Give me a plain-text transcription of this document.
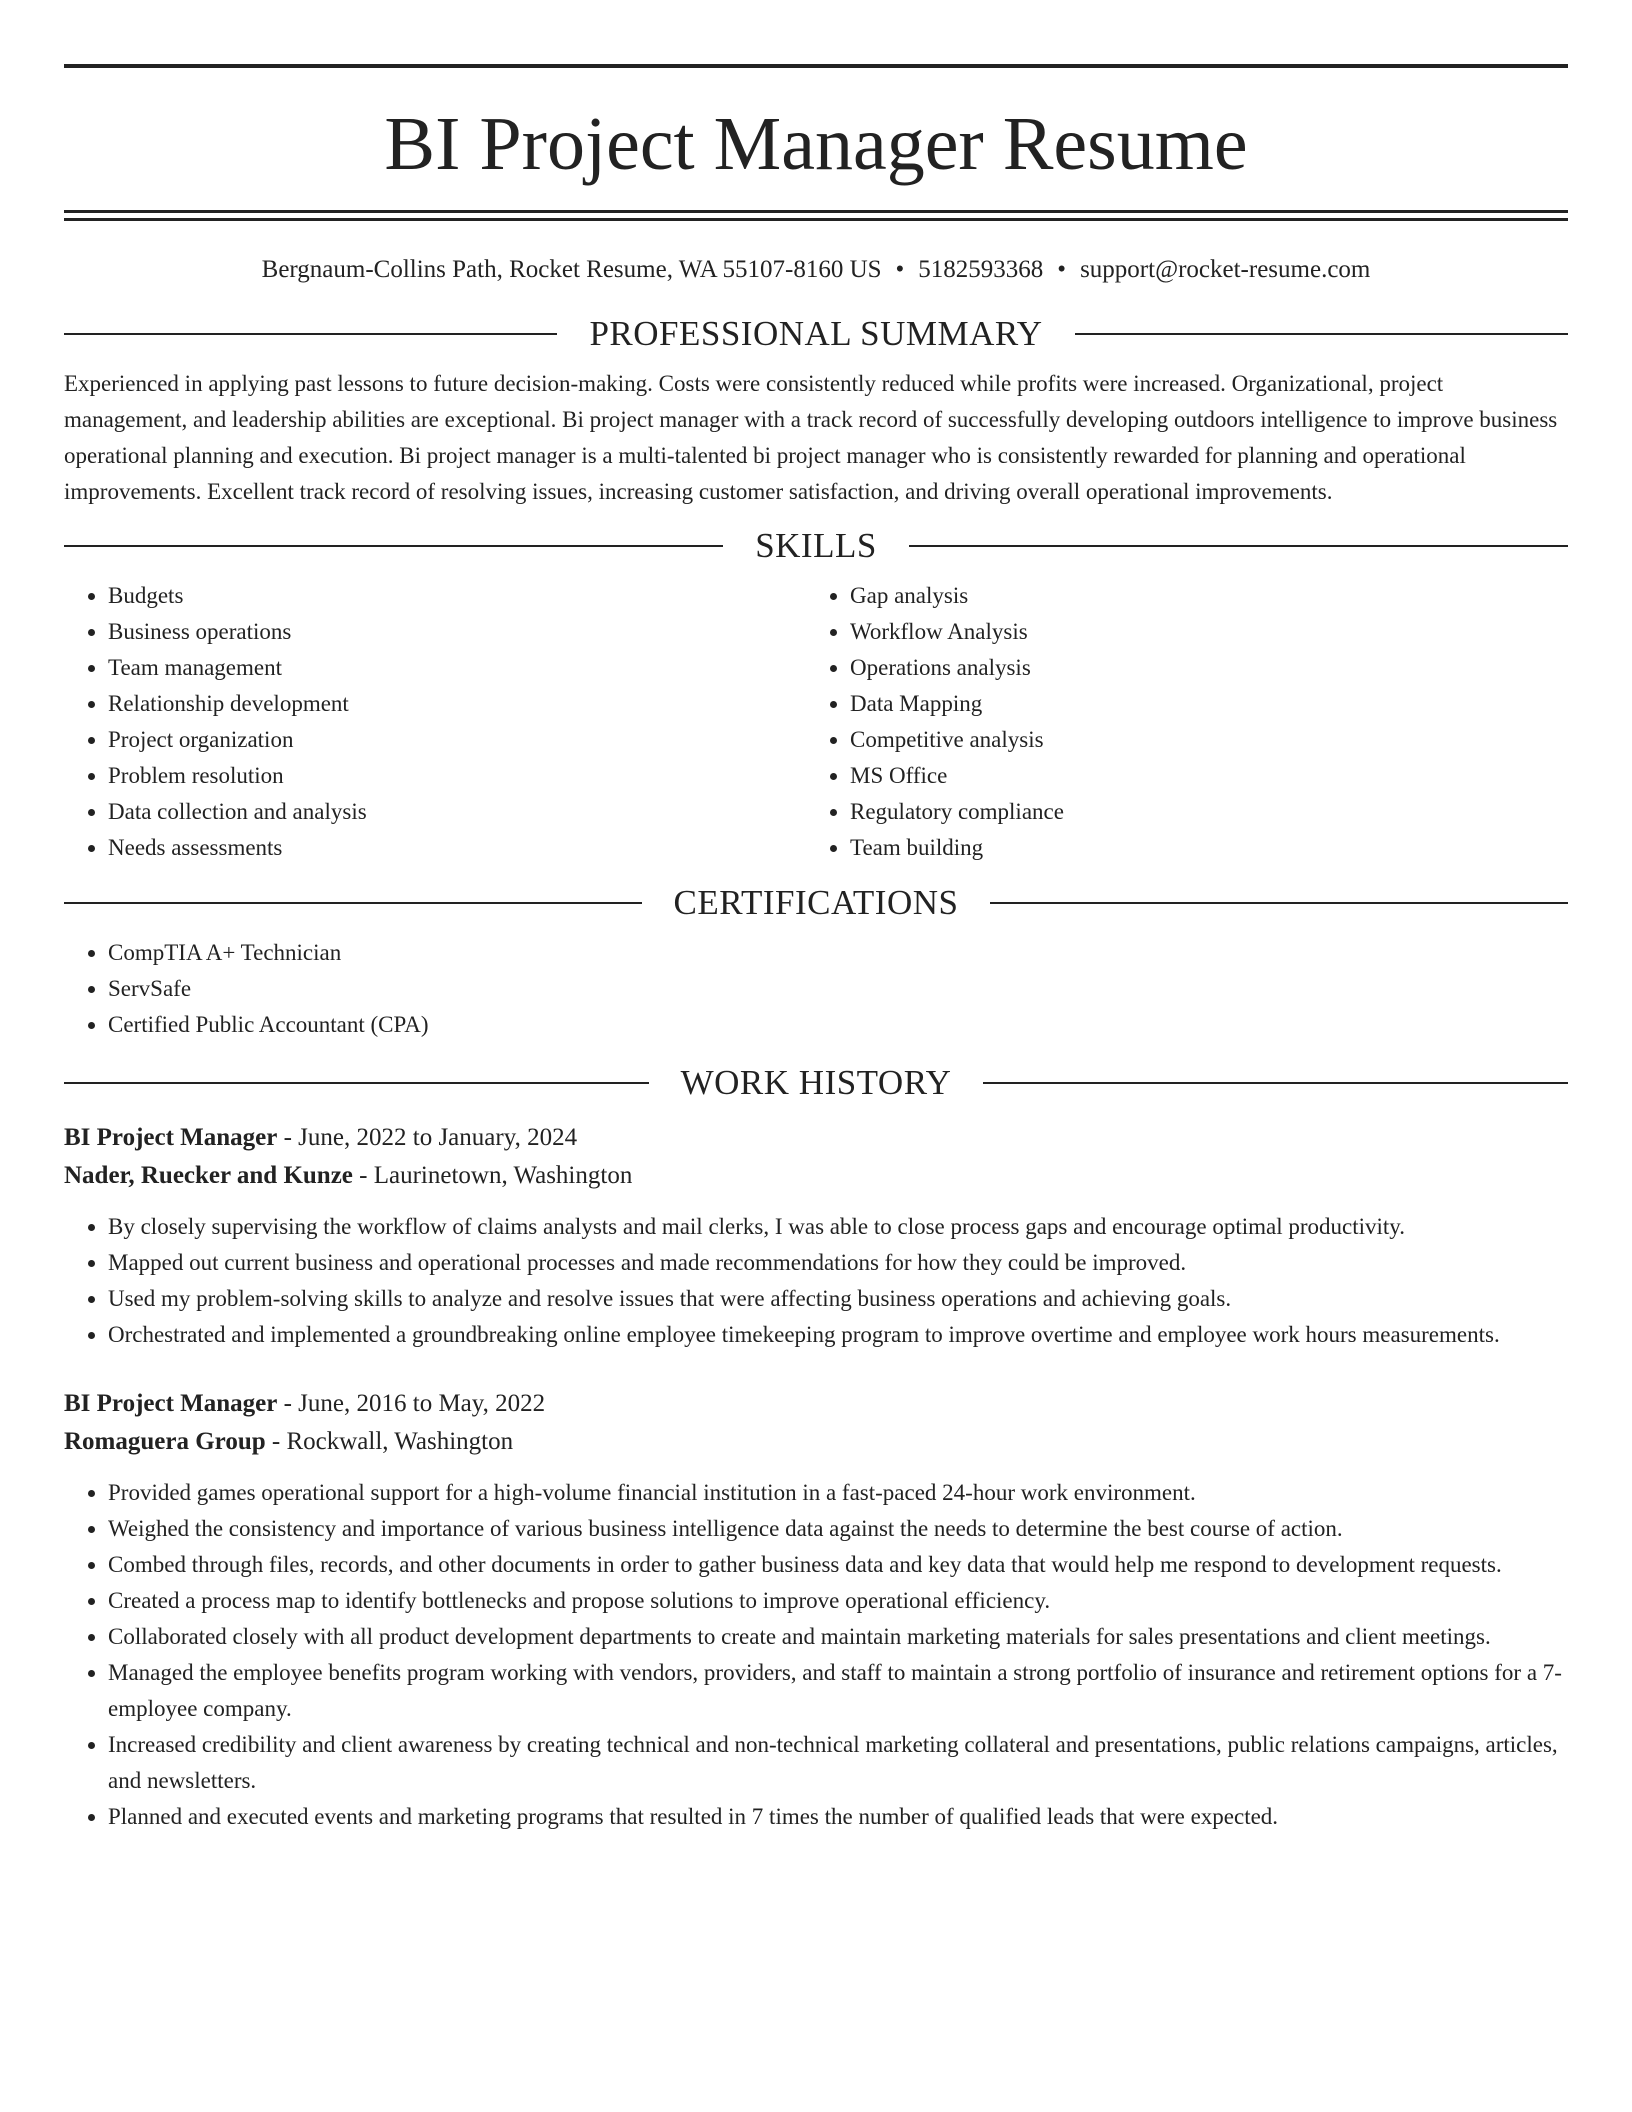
BI Project Manager Resume
Bergnaum-Collins Path, Rocket Resume, WA 55107-8160 US • 5182593368 • support@rocket-resume.com
PROFESSIONAL SUMMARY

Experienced in applying past lessons to future decision-making. Costs were consistently reduced while profits were increased. Organizational, project management, and leadership abilities are exceptional. Bi project manager with a track record of successfully developing outdoors intelligence to improve business operational planning and execution. Bi project manager is a multi-talented bi project manager who is consistently rewarded for planning and operational improvements. Excellent track record of resolving issues, increasing customer satisfaction, and driving overall operational improvements.

SKILLS
• Budgets
• Business operations
• Team management
• Relationship development
• Project organization
• Problem resolution
• Data collection and analysis
• Needs assessments
• Gap analysis
• Workflow Analysis
• Operations analysis
• Data Mapping
• Competitive analysis
• MS Office
• Regulatory compliance
• Team building
CERTIFICATIONS
• CompTIA A+ Technician
• ServSafe
• Certified Public Accountant (CPA)
WORK HISTORY
BI Project Manager - June, 2022 to January, 2024
Nader, Ruecker and Kunze - Laurinetown, Washington
• By closely supervising the workflow of claims analysts and mail clerks, I was able to close process gaps and encourage optimal productivity.
• Mapped out current business and operational processes and made recommendations for how they could be improved.
• Used my problem-solving skills to analyze and resolve issues that were affecting business operations and achieving goals.
• Orchestrated and implemented a groundbreaking online employee timekeeping program to improve overtime and employee work hours measurements.
BI Project Manager - June, 2016 to May, 2022
Romaguera Group - Rockwall, Washington
• Provided games operational support for a high-volume financial institution in a fast-paced 24-hour work environment.
• Weighed the consistency and importance of various business intelligence data against the needs to determine the best course of action.
• Combed through files, records, and other documents in order to gather business data and key data that would help me respond to development requests.
• Created a process map to identify bottlenecks and propose solutions to improve operational efficiency.
• Collaborated closely with all product development departments to create and maintain marketing materials for sales presentations and client meetings.
• Managed the employee benefits program working with vendors, providers, and staff to maintain a strong portfolio of insurance and retirement options for a 7-employee company.
• Increased credibility and client awareness by creating technical and non-technical marketing collateral and presentations, public relations campaigns, articles, and newsletters.
• Planned and executed events and marketing programs that resulted in 7 times the number of qualified leads that were expected.
